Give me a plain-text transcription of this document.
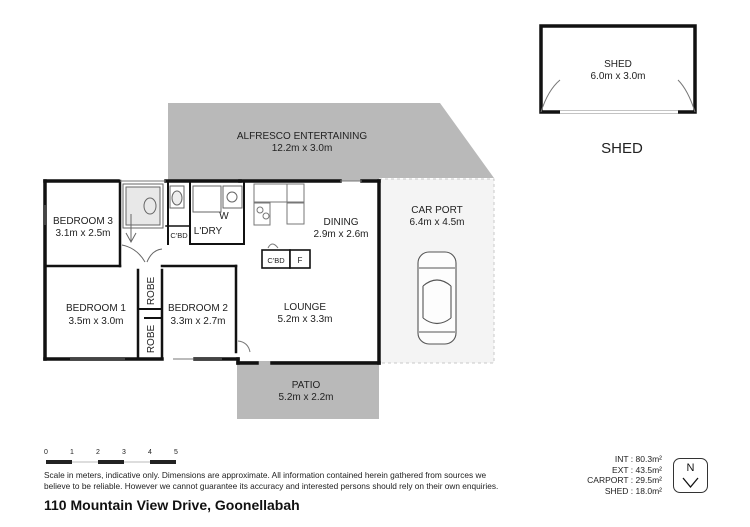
SHED
6.0m x 3.0m
SHED
ALFRESCO ENTERTAINING
12.2m x 3.0m
BEDROOM 3
3.1m x 2.5m
DINING
2.9m x 2.6m
CAR PORT
6.4m x 4.5m
BEDROOM 1
3.5m x 3.0m
BEDROOM 2
3.3m x 2.7m
LOUNGE
5.2m x 3.3m
PATIO
5.2m x 2.2m
L'DRY
W
C'BD
C'BD F
ROBE
ROBE
0	1	2	3	4	5
Scale in meters, indicative only. Dimensions are approximate. All information contained herein gathered from sources we
believe to be reliable. However we cannot guarantee its accuracy and interested persons should rely on their own enquiries.
110 Mountain View Drive, Goonellabah
INT : 80.3m²
EXT : 43.5m²
CARPORT : 29.5m²
SHED : 18.0m²
N
